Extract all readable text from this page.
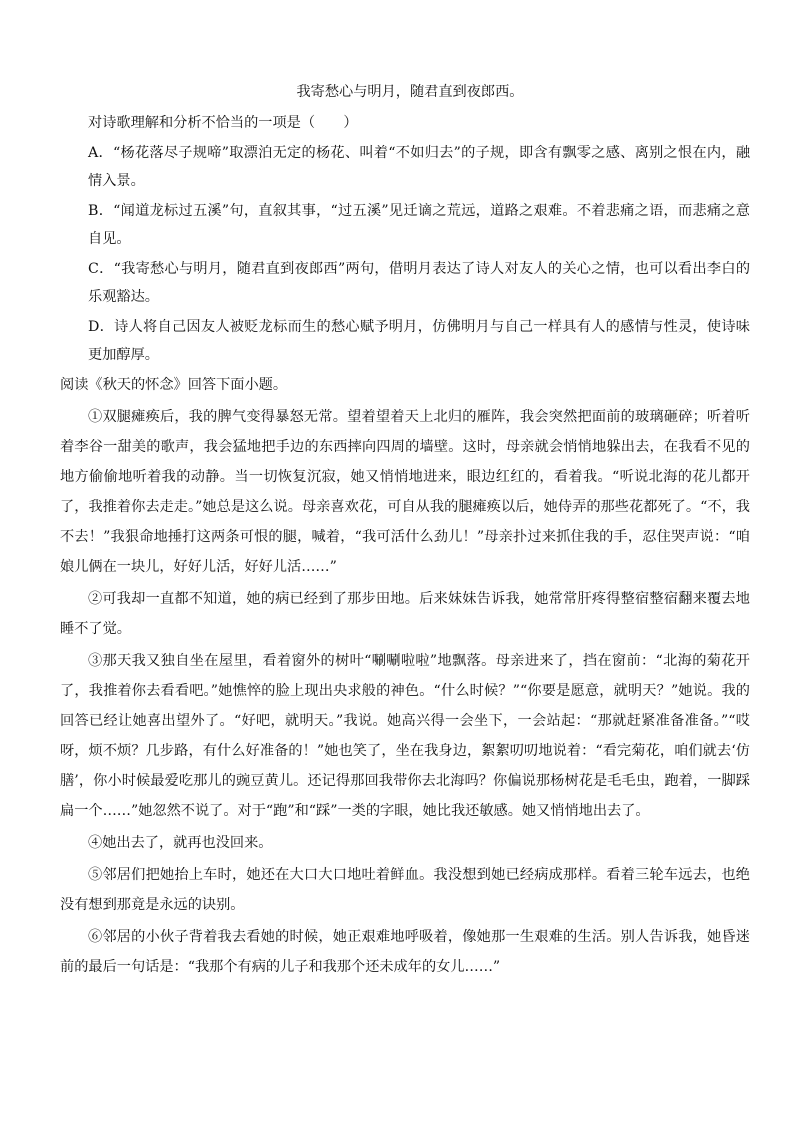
我寄愁心与明月，随君直到夜郎西。

对诗歌理解和分析不恰当的一项是（　　）

A．“杨花落尽子规啼”取漂泊无定的杨花、叫着“不如归去”的子规，即含有飘零之感、离别之恨在内，融情入景。

B．“闻道龙标过五溪”句，直叙其事，“过五溪”见迁谪之荒远，道路之艰难。不着悲痛之语，而悲痛之意自见。

C．“我寄愁心与明月，随君直到夜郎西”两句，借明月表达了诗人对友人的关心之情，也可以看出李白的乐观豁达。

D．诗人将自己因友人被贬龙标而生的愁心赋予明月，仿佛明月与自己一样具有人的感情与性灵，使诗味更加醇厚。

阅读《秋天的怀念》回答下面小题。

①双腿瘫痪后，我的脾气变得暴怒无常。望着望着天上北归的雁阵，我会突然把面前的玻璃砸碎；听着听着李谷一甜美的歌声，我会猛地把手边的东西摔向四周的墙壁。这时，母亲就会悄悄地躲出去，在我看不见的地方偷偷地听着我的动静。当一切恢复沉寂，她又悄悄地进来，眼边红红的，看着我。“听说北海的花儿都开了，我推着你去走走。”她总是这么说。母亲喜欢花，可自从我的腿瘫痪以后，她侍弄的那些花都死了。“不，我不去！”我狠命地捶打这两条可恨的腿，喊着，“我可活什么劲儿！”母亲扑过来抓住我的手，忍住哭声说：“咱娘儿俩在一块儿，好好儿活，好好儿活……”

②可我却一直都不知道，她的病已经到了那步田地。后来妹妹告诉我，她常常肝疼得整宿整宿翻来覆去地睡不了觉。

③那天我又独自坐在屋里，看着窗外的树叶“唰唰啦啦”地飘落。母亲进来了，挡在窗前：“北海的菊花开了，我推着你去看看吧。”她憔悴的脸上现出央求般的神色。“什么时候？”“你要是愿意，就明天？”她说。我的回答已经让她喜出望外了。“好吧，就明天。”我说。她高兴得一会坐下，一会站起：“那就赶紧准备准备。”“哎呀，烦不烦？几步路，有什么好准备的！”她也笑了，坐在我身边，絮絮叨叨地说着：“看完菊花，咱们就去‘仿膳’，你小时候最爱吃那儿的豌豆黄儿。还记得那回我带你去北海吗？你偏说那杨树花是毛毛虫，跑着，一脚踩扁一个……”她忽然不说了。对于“跑”和“踩”一类的字眼，她比我还敏感。她又悄悄地出去了。

④她出去了，就再也没回来。

⑤邻居们把她抬上车时，她还在大口大口地吐着鲜血。我没想到她已经病成那样。看着三轮车远去，也绝没有想到那竟是永远的诀别。

⑥邻居的小伙子背着我去看她的时候，她正艰难地呼吸着，像她那一生艰难的生活。别人告诉我，她昏迷前的最后一句话是：“我那个有病的儿子和我那个还未成年的女儿……”
